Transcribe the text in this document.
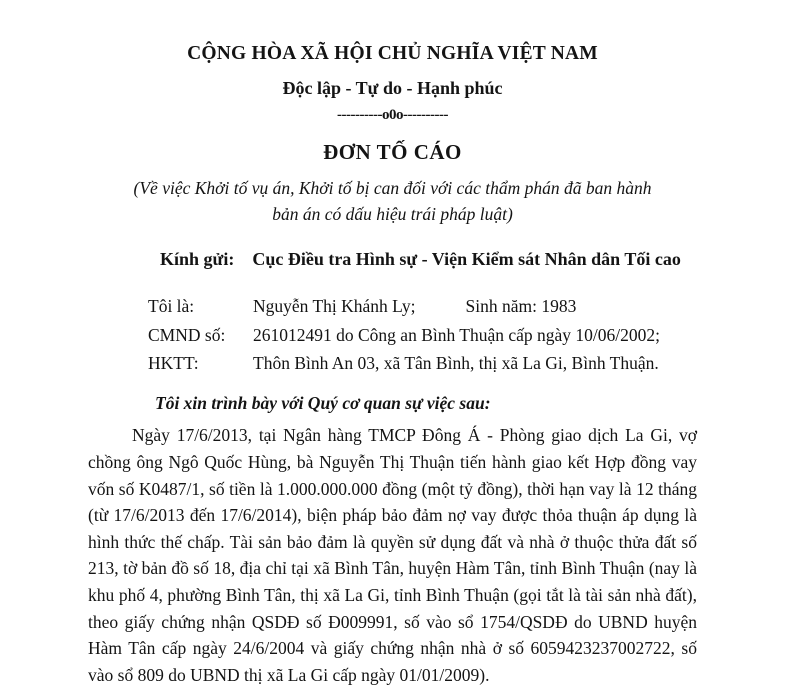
CỘNG HÒA XÃ HỘI CHỦ NGHĨA VIỆT NAM
Độc lập - Tự do - Hạnh phúc
----------o0o----------
ĐƠN TỐ CÁO
(Về việc Khởi tố vụ án, Khởi tố bị can đối với các thẩm phán đã ban hành bản án có dấu hiệu trái pháp luật)
Kính gửi: Cục Điều tra Hình sự - Viện Kiểm sát Nhân dân Tối cao
Tôi là:	Nguyễn Thị Khánh Ly;	Sinh năm: 1983
CMND số:	261012491 do Công an Bình Thuận cấp ngày 10/06/2002;
HKTT:	Thôn Bình An 03, xã Tân Bình, thị xã La Gi, Bình Thuận.
Tôi xin trình bày với Quý cơ quan sự việc sau:
Ngày 17/6/2013, tại Ngân hàng TMCP Đông Á - Phòng giao dịch La Gi, vợ chồng ông Ngô Quốc Hùng, bà Nguyễn Thị Thuận tiến hành giao kết Hợp đồng vay vốn số K0487/1, số tiền là 1.000.000.000 đồng (một tỷ đồng), thời hạn vay là 12 tháng (từ 17/6/2013 đến 17/6/2014), biện pháp bảo đảm nợ vay được thỏa thuận áp dụng là hình thức thế chấp. Tài sản bảo đảm là quyền sử dụng đất và nhà ở thuộc thửa đất số 213, tờ bản đồ số 18, địa chỉ tại xã Bình Tân, huyện Hàm Tân, tỉnh Bình Thuận (nay là khu phố 4, phường Bình Tân, thị xã La Gi, tỉnh Bình Thuận (gọi tắt là tài sản nhà đất), theo giấy chứng nhận QSDĐ số Đ009991, số vào sổ 1754/QSDĐ do UBND huyện Hàm Tân cấp ngày 24/6/2004 và giấy chứng nhận nhà ở số 6059423237002722, số vào sổ 809 do UBND thị xã La Gi cấp ngày 01/01/2009).
